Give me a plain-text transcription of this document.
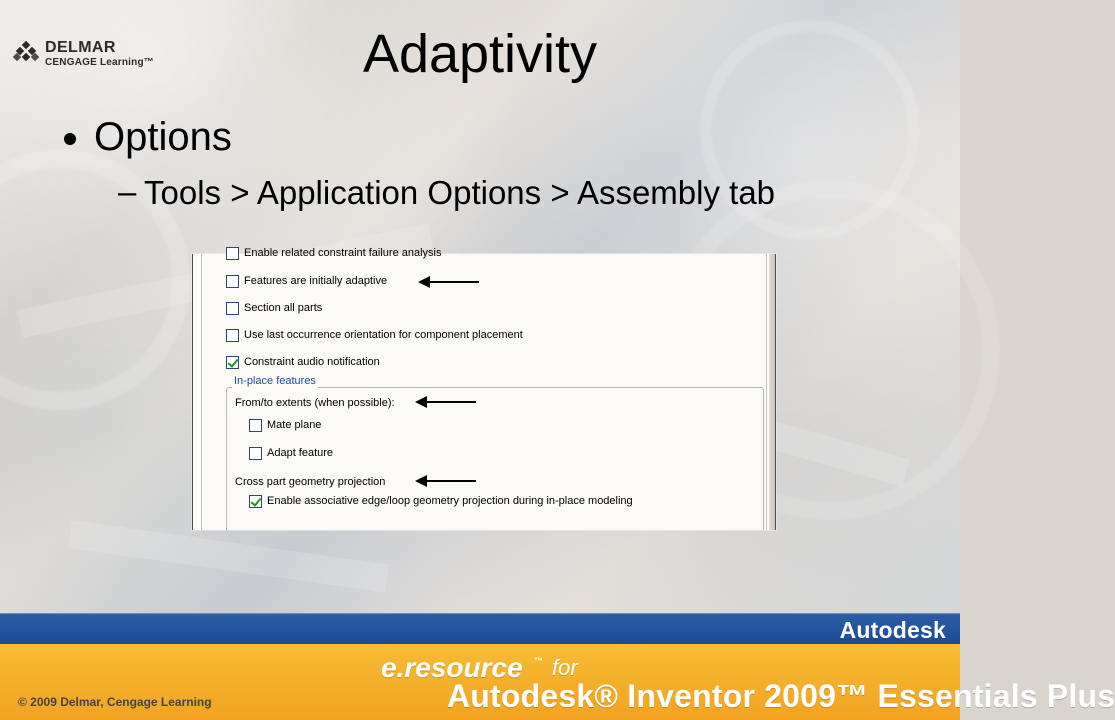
Adaptivity
Options
– Tools > Application Options > Assembly tab
Enable related constraint failure analysis
Features are initially adaptive
Section all parts
Use last occurrence orientation for component placement
Constraint audio notification
In-place features
From/to extents (when possible):
Mate plane
Adapt feature
Cross part geometry projection
Enable associative edge/loop geometry projection during in-place modeling
Autodesk
DELMAR
CENGAGE Learning™
© 2009 Delmar, Cengage Learning
e.resource ™ for
Autodesk® Inventor 2009™ Essentials Plus
